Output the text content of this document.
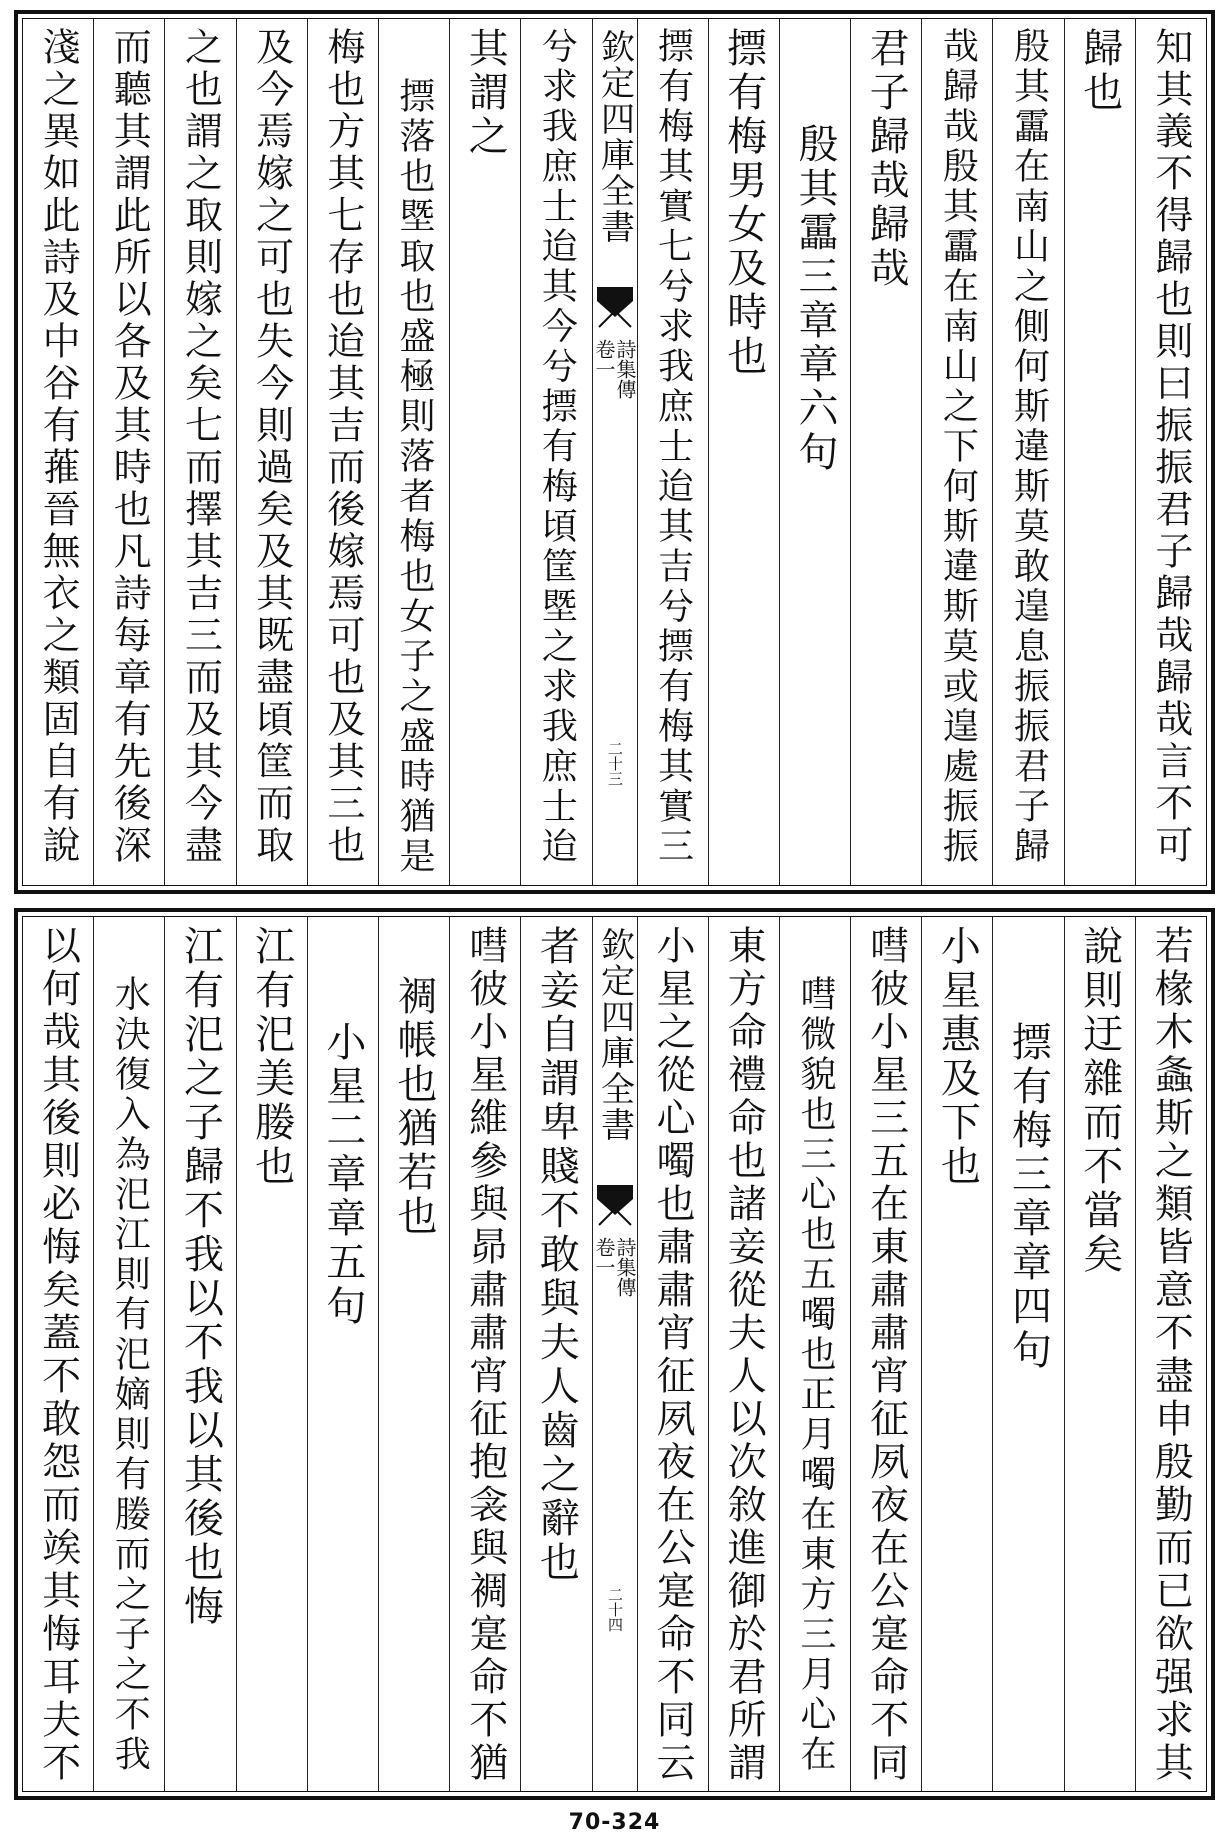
知其義不得歸也則曰振振君子歸哉歸哉言不可
歸也
殷其靁在南山之側何斯違斯莫敢遑息振振君子歸
哉歸哉殷其靁在南山之下何斯違斯莫或遑處振振
君子歸哉歸哉
殷其靁三章章六句
摽有梅男女及時也
摽有梅其實七兮求我庶士迨其吉兮摽有梅其實三
欽定四庫全書
詩集傳
卷一
二十三
兮求我庶士迨其今兮摽有梅頃筐塈之求我庶士迨
其謂之
摽落也塈取也盛極則落者梅也女子之盛時猶是
梅也方其七存也迨其吉而後嫁焉可也及其三也
及今焉嫁之可也失今則過矣及其既盡頃筐而取
之也謂之取則嫁之矣七而擇其吉三而及其今盡
而聽其謂此所以各及其時也凡詩每章有先後深
淺之異如此詩及中谷有蓷晉無衣之類固自有說
若椽木螽斯之類皆意不盡申殷勤而已欲强求其
說則迂雜而不當矣
摽有梅三章章四句
小星惠及下也
嘒彼小星三五在東肅肅宵征夙夜在公寔命不同
嘒微貌也三心也五噣也正月噣在東方三月心在
東方命禮命也諸妾從夫人以次敘進御於君所謂
小星之從心噣也肅肅宵征夙夜在公寔命不同云
欽定四庫全書
詩集傳
卷一
二十四
者妾自謂卑賤不敢與夫人齒之辭也
嘒彼小星維參與昴肅肅宵征抱衾與裯寔命不猶
裯帳也猶若也
小星二章章五句
江有汜美媵也
江有汜之子歸不我以不我以其後也悔
水決復入為汜江則有汜嫡則有媵而之子之不我
以何哉其後則必悔矣蓋不敢怨而竢其悔耳夫不
70-324
